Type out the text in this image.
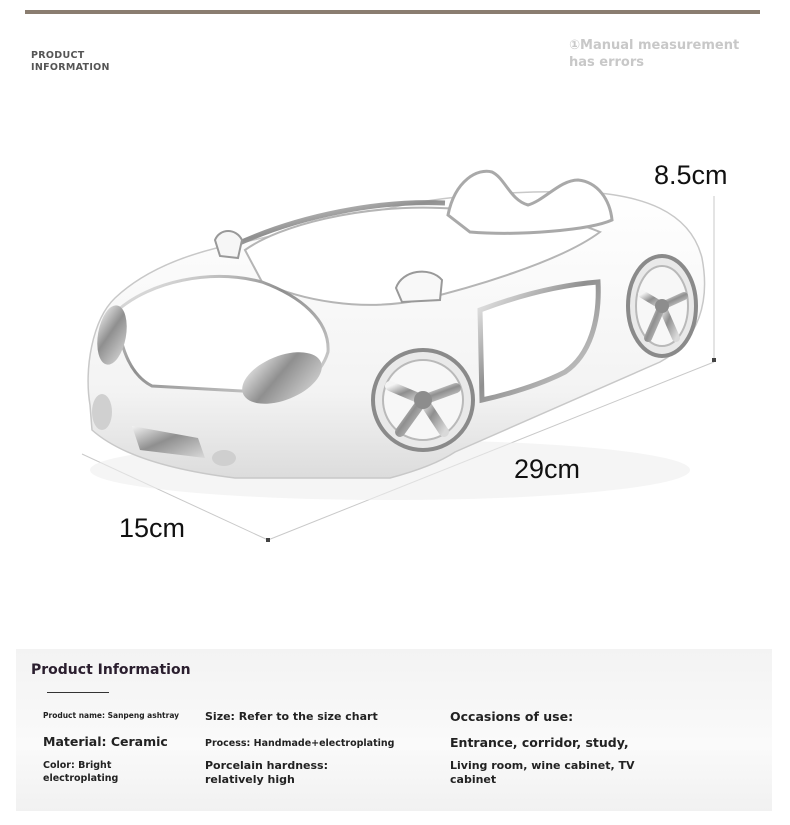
PRODUCT
INFORMATION
①Manual measurement has errors
8.5cm
29cm
15cm
Product Information
Product name: Sanpeng ashtray
Material: Ceramic
Color: Bright electroplating
Size: Refer to the size chart
Process: Handmade+electroplating
Porcelain hardness: relatively high
Occasions of use:
Entrance, corridor, study,
Living room, wine cabinet, TV cabinet
